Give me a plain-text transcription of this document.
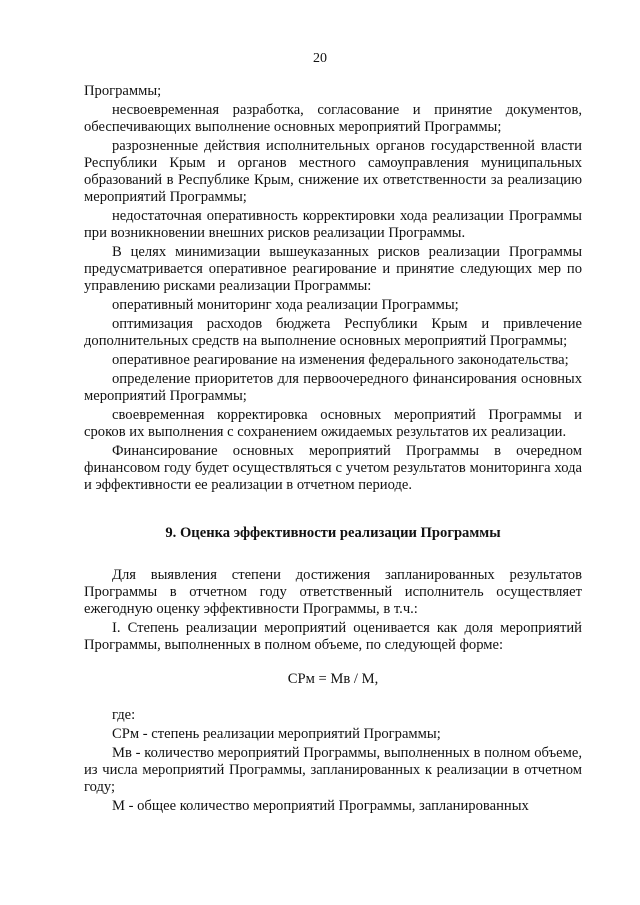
20

Программы;

несвоевременная разработка, согласование и принятие документов, обеспечивающих выполнение основных мероприятий Программы;

разрозненные действия исполнительных органов государственной власти Республики Крым и органов местного самоуправления муниципальных образований в Республике Крым, снижение их ответственности за реализацию мероприятий Программы;

недостаточная оперативность корректировки хода реализации Программы при возникновении внешних рисков реализации Программы.

В целях минимизации вышеуказанных рисков реализации Программы предусматривается оперативное реагирование и принятие следующих мер по управлению рисками реализации Программы:

оперативный мониторинг хода реализации Программы;

оптимизация расходов бюджета Республики Крым и привлечение дополнительных средств на выполнение основных мероприятий Программы;

оперативное реагирование на изменения федерального законодательства;

определение приоритетов для первоочередного финансирования основных мероприятий Программы;

своевременная корректировка основных мероприятий Программы и сроков их выполнения с сохранением ожидаемых результатов их реализации.

Финансирование основных мероприятий Программы в очередном финансовом году будет осуществляться с учетом результатов мониторинга хода и эффективности ее реализации в отчетном периоде.

9. Оценка эффективности реализации Программы

Для выявления степени достижения запланированных результатов Программы в отчетном году ответственный исполнитель осуществляет ежегодную оценку эффективности Программы, в т.ч.:

I. Степень реализации мероприятий оценивается как доля мероприятий Программы, выполненных в полном объеме, по следующей форме:

СРм = Мв / М,

где:

СРм - степень реализации мероприятий Программы;

Мв - количество мероприятий Программы, выполненных в полном объеме, из числа мероприятий Программы, запланированных к реализации в отчетном году;

М - общее количество мероприятий Программы, запланированных
